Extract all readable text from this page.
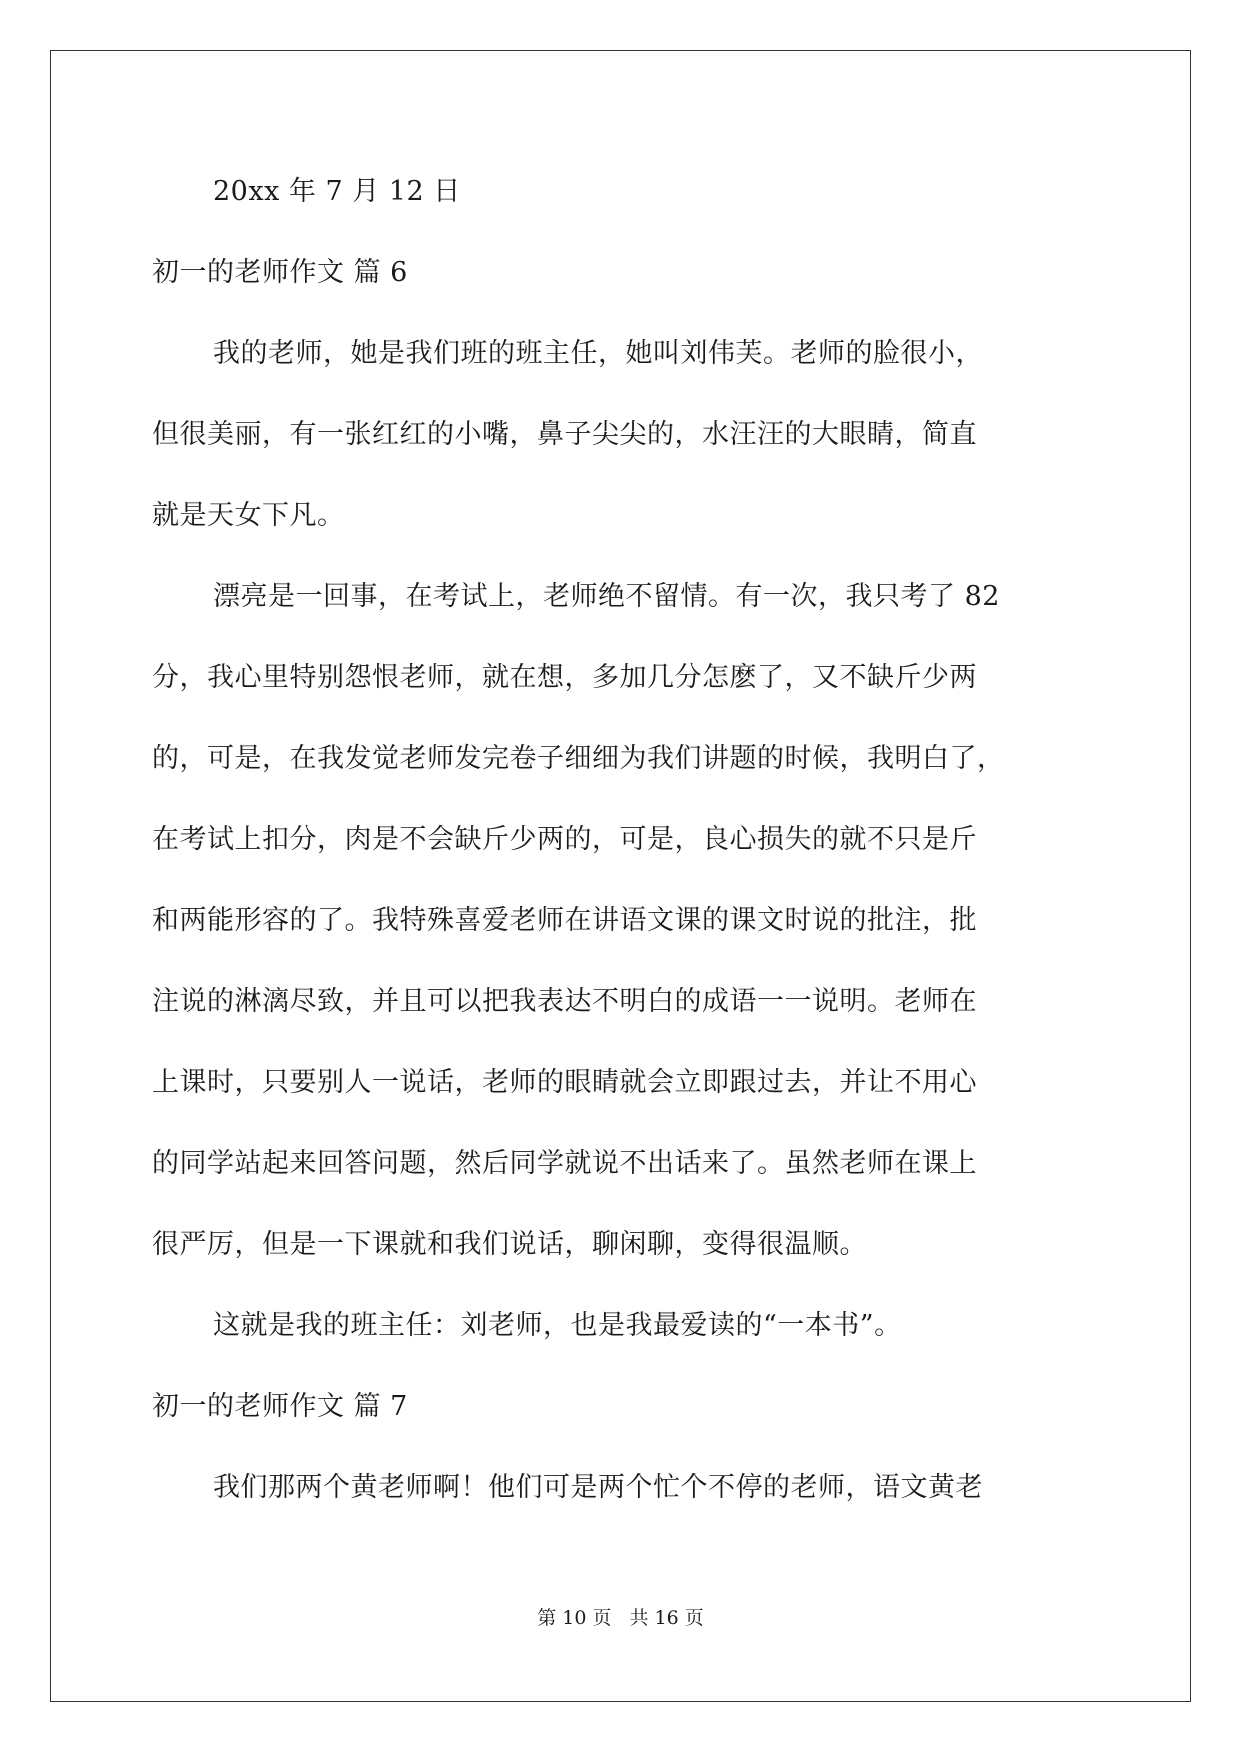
20xx 年 7 月 12 日
初一的老师作文 篇 6
我的老师，她是我们班的班主任，她叫刘伟芙。老师的脸很小，
但很美丽，有一张红红的小嘴，鼻子尖尖的，水汪汪的大眼睛，简直
就是天女下凡。
漂亮是一回事，在考试上，老师绝不留情。有一次，我只考了 82
分，我心里特别怨恨老师，就在想，多加几分怎麽了，又不缺斤少两
的，可是，在我发觉老师发完卷子细细为我们讲题的时候，我明白了，
在考试上扣分，肉是不会缺斤少两的，可是，良心损失的就不只是斤
和两能形容的了。我特殊喜爱老师在讲语文课的课文时说的批注，批
注说的淋漓尽致，并且可以把我表达不明白的成语一一说明。老师在
上课时，只要别人一说话，老师的眼睛就会立即跟过去，并让不用心
的同学站起来回答问题，然后同学就说不出话来了。虽然老师在课上
很严厉，但是一下课就和我们说话，聊闲聊，变得很温顺。
这就是我的班主任：刘老师，也是我最爱读的“一本书”。
初一的老师作文 篇 7
我们那两个黄老师啊！他们可是两个忙个不停的老师，语文黄老
第 10 页 共 16 页
